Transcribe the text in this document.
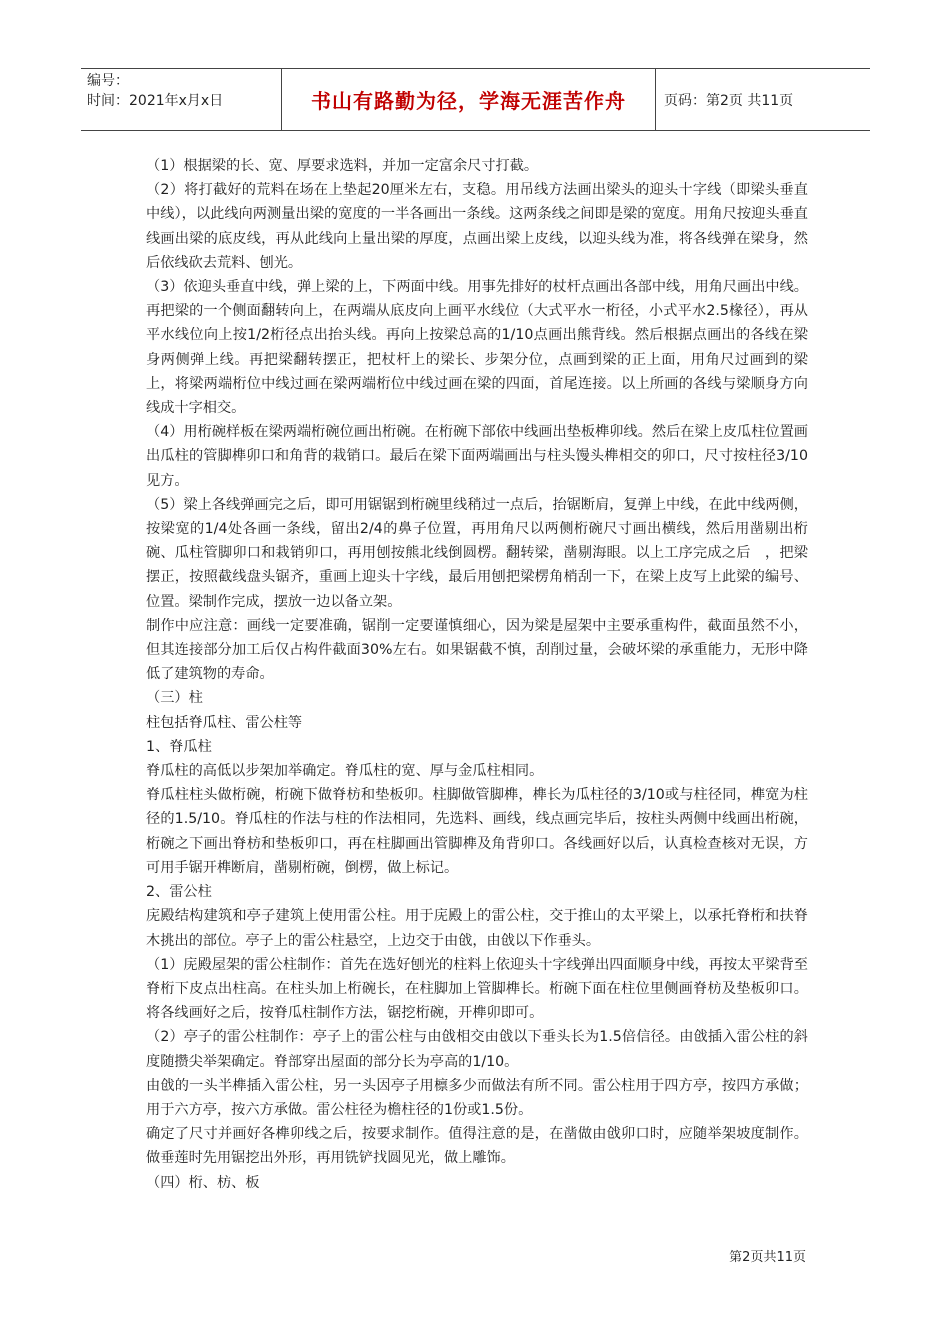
编号：
时间：2021年x月x日	书山有路勤为径，学海无涯苦作舟	页码：第2页 共11页

（1）根据梁的长、宽、厚要求选料，并加一定富余尺寸打截。

（2）将打截好的荒料在场在上垫起20厘米左右，支稳。用吊线方法画出梁头的迎头十字线（即梁头垂直中线），以此线向两测量出梁的宽度的一半各画出一条线。这两条线之间即是梁的宽度。用角尺按迎头垂直线画出梁的底皮线，再从此线向上量出梁的厚度，点画出梁上皮线，以迎头线为准，将各线弹在梁身，然后依线砍去荒料、刨光。

（3）依迎头垂直中线，弹上梁的上，下两面中线。用事先排好的杖杆点画出各部中线，用角尺画出中线。再把梁的一个侧面翻转向上，在两端从底皮向上画平水线位（大式平水一桁径，小式平水2.5椽径），再从平水线位向上按1/2桁径点出抬头线。再向上按梁总高的1/10点画出熊背线。然后根据点画出的各线在梁身两侧弹上线。再把梁翻转摆正，把杖杆上的梁长、步架分位，点画到梁的正上面，用角尺过画到的梁上，将梁两端桁位中线过画在梁两端桁位中线过画在梁的四面，首尾连接。以上所画的各线与梁顺身方向线成十字相交。

（4）用桁碗样板在梁两端桁碗位画出桁碗。在桁碗下部依中线画出垫板榫卯线。然后在梁上皮瓜柱位置画出瓜柱的管脚榫卯口和角背的栽销口。最后在梁下面两端画出与柱头馒头榫相交的卯口，尺寸按柱径3/10见方。

（5）梁上各线弹画完之后，即可用锯锯到桁碗里线稍过一点后，抬锯断肩，复弹上中线，在此中线两侧，按梁宽的1/4处各画一条线，留出2/4的鼻子位置，再用角尺以两侧桁碗尺寸画出横线，然后用凿剔出桁碗、瓜柱管脚卯口和栽销卯口，再用刨按熊北线倒圆楞。翻转梁，凿剔海眼。以上工序完成之后　，把梁摆正，按照截线盘头锯齐，重画上迎头十字线，最后用刨把梁楞角梢刮一下，在梁上皮写上此梁的编号、位置。梁制作完成，摆放一边以备立架。

制作中应注意：画线一定要准确，锯削一定要谨慎细心，因为梁是屋架中主要承重构件，截面虽然不小，但其连接部分加工后仅占构件截面30%左右。如果锯截不慎，刮削过量，会破坏梁的承重能力，无形中降低了建筑物的寿命。

（三）柱

柱包括脊瓜柱、雷公柱等

1、脊瓜柱

脊瓜柱的高低以步架加举确定。脊瓜柱的宽、厚与金瓜柱相同。

脊瓜柱柱头做桁碗，桁碗下做脊枋和垫板卯。柱脚做管脚榫，榫长为瓜柱径的3/10或与柱径同，榫宽为柱径的1.5/10。脊瓜柱的作法与柱的作法相同，先选料、画线，线点画完毕后，按柱头两侧中线画出桁碗，桁碗之下画出脊枋和垫板卯口，再在柱脚画出管脚榫及角背卯口。各线画好以后，认真检查核对无误，方可用手锯开榫断肩，凿剔桁碗，倒楞，做上标记。

2、雷公柱

庑殿结构建筑和亭子建筑上使用雷公柱。用于庑殿上的雷公柱，交于推山的太平梁上，以承托脊桁和扶脊木挑出的部位。亭子上的雷公柱悬空，上边交于由戗，由戗以下作垂头。

（1）庑殿屋架的雷公柱制作：首先在选好刨光的柱料上依迎头十字线弹出四面顺身中线，再按太平梁背至脊桁下皮点出柱高。在柱头加上桁碗长，在柱脚加上管脚榫长。桁碗下面在柱位里侧画脊枋及垫板卯口。将各线画好之后，按脊瓜柱制作方法，锯挖桁碗，开榫卯即可。

（2）亭子的雷公柱制作：亭子上的雷公柱与由戗相交由戗以下垂头长为1.5倍信径。由戗插入雷公柱的斜度随攒尖举架确定。脊部穿出屋面的部分长为亭高的1/10。

由戗的一头半榫插入雷公柱，另一头因亭子用檩多少而做法有所不同。雷公柱用于四方亭，按四方承做；用于六方亭，按六方承做。雷公柱径为檐柱径的1份或1.5份。

确定了尺寸并画好各榫卯线之后，按要求制作。值得注意的是，在凿做由戗卯口时，应随举架坡度制作。做垂莲时先用锯挖出外形，再用铣铲找圆见光，做上雕饰。

（四）桁、枋、板

第2页共11页
